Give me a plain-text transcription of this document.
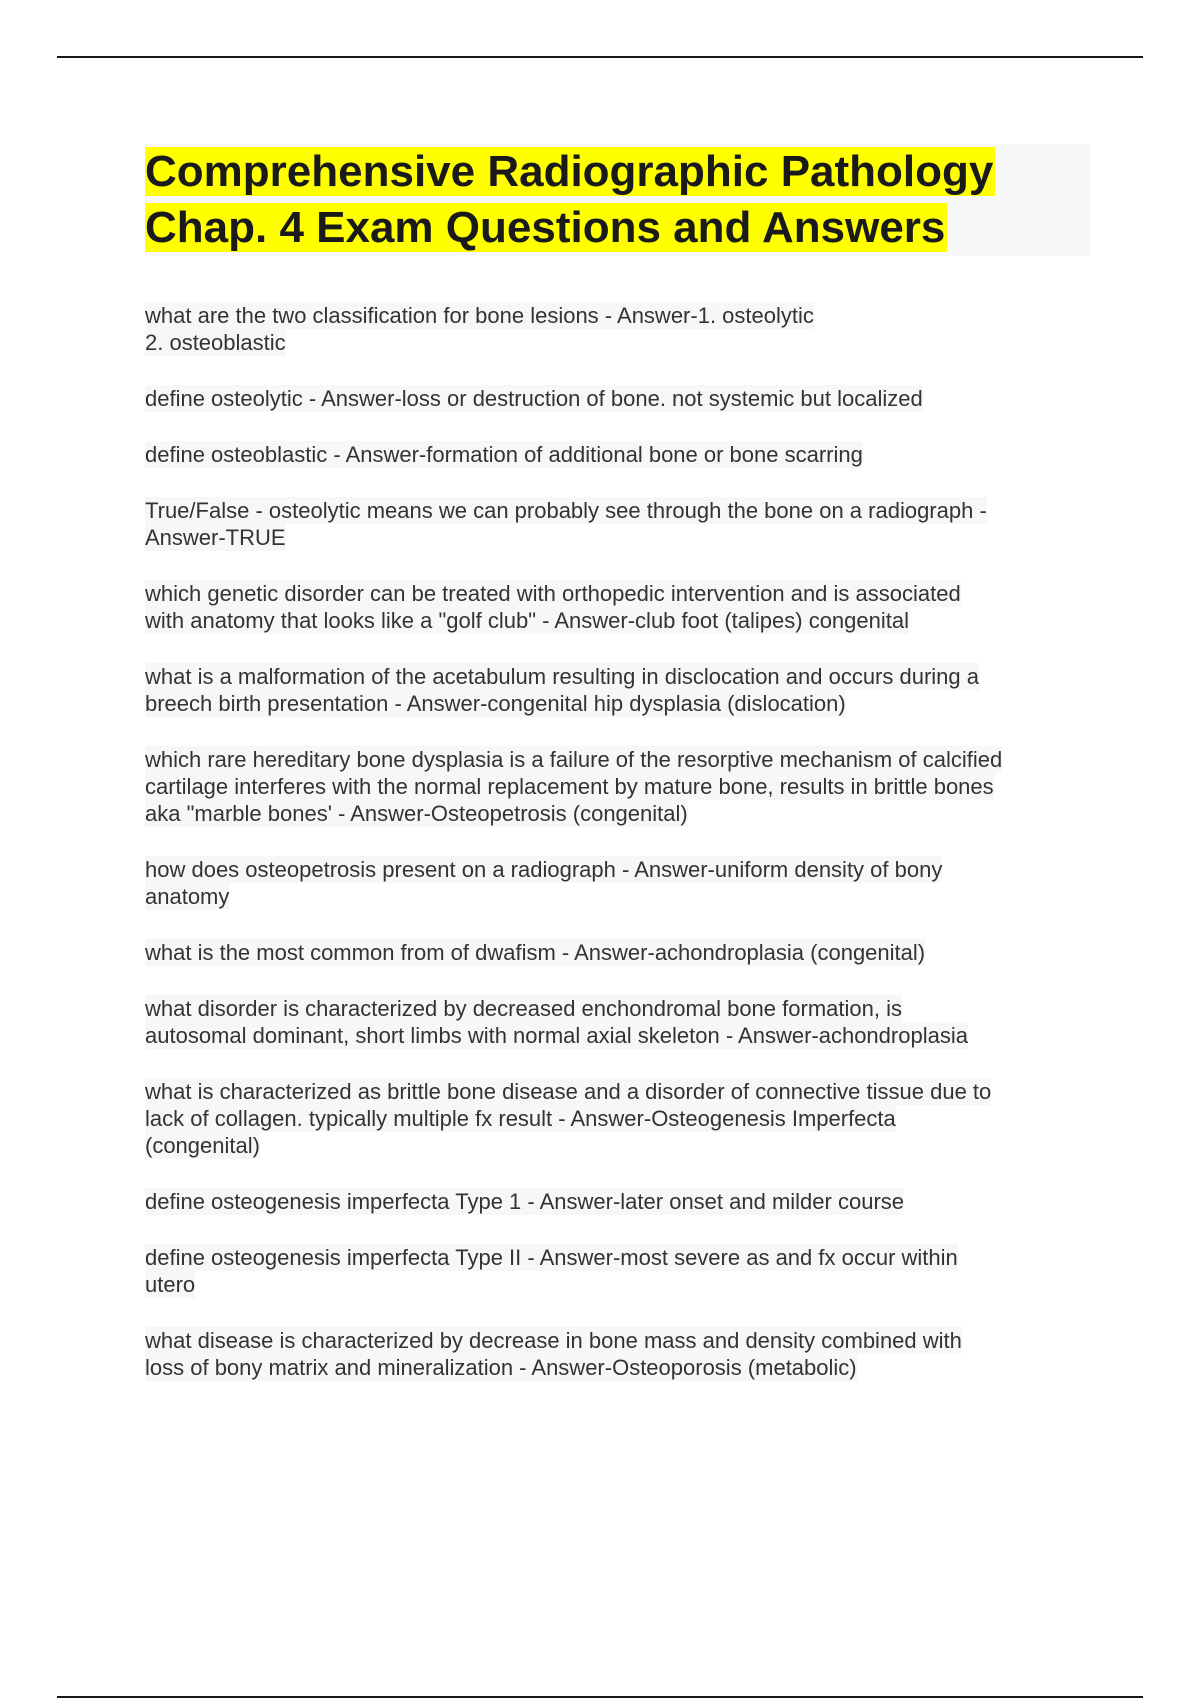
Comprehensive Radiographic Pathology
Chap. 4 Exam Questions and Answers
what are the two classification for bone lesions - Answer-1. osteolytic
2. osteoblastic
define osteolytic - Answer-loss or destruction of bone. not systemic but localized
define osteoblastic - Answer-formation of additional bone or bone scarring
True/False - osteolytic means we can probably see through the bone on a radiograph -
Answer-TRUE
which genetic disorder can be treated with orthopedic intervention and is associated
with anatomy that looks like a "golf club" - Answer-club foot (talipes) congenital
what is a malformation of the acetabulum resulting in disclocation and occurs during a
breech birth presentation - Answer-congenital hip dysplasia (dislocation)
which rare hereditary bone dysplasia is a failure of the resorptive mechanism of calcified
cartilage interferes with the normal replacement by mature bone, results in brittle bones
aka "marble bones' - Answer-Osteopetrosis (congenital)
how does osteopetrosis present on a radiograph - Answer-uniform density of bony
anatomy
what is the most common from of dwafism - Answer-achondroplasia (congenital)
what disorder is characterized by decreased enchondromal bone formation, is
autosomal dominant, short limbs with normal axial skeleton - Answer-achondroplasia
what is characterized as brittle bone disease and a disorder of connective tissue due to
lack of collagen. typically multiple fx result - Answer-Osteogenesis Imperfecta
(congenital)
define osteogenesis imperfecta Type 1 - Answer-later onset and milder course
define osteogenesis imperfecta Type II - Answer-most severe as and fx occur within
utero
what disease is characterized by decrease in bone mass and density combined with
loss of bony matrix and mineralization - Answer-Osteoporosis (metabolic)
